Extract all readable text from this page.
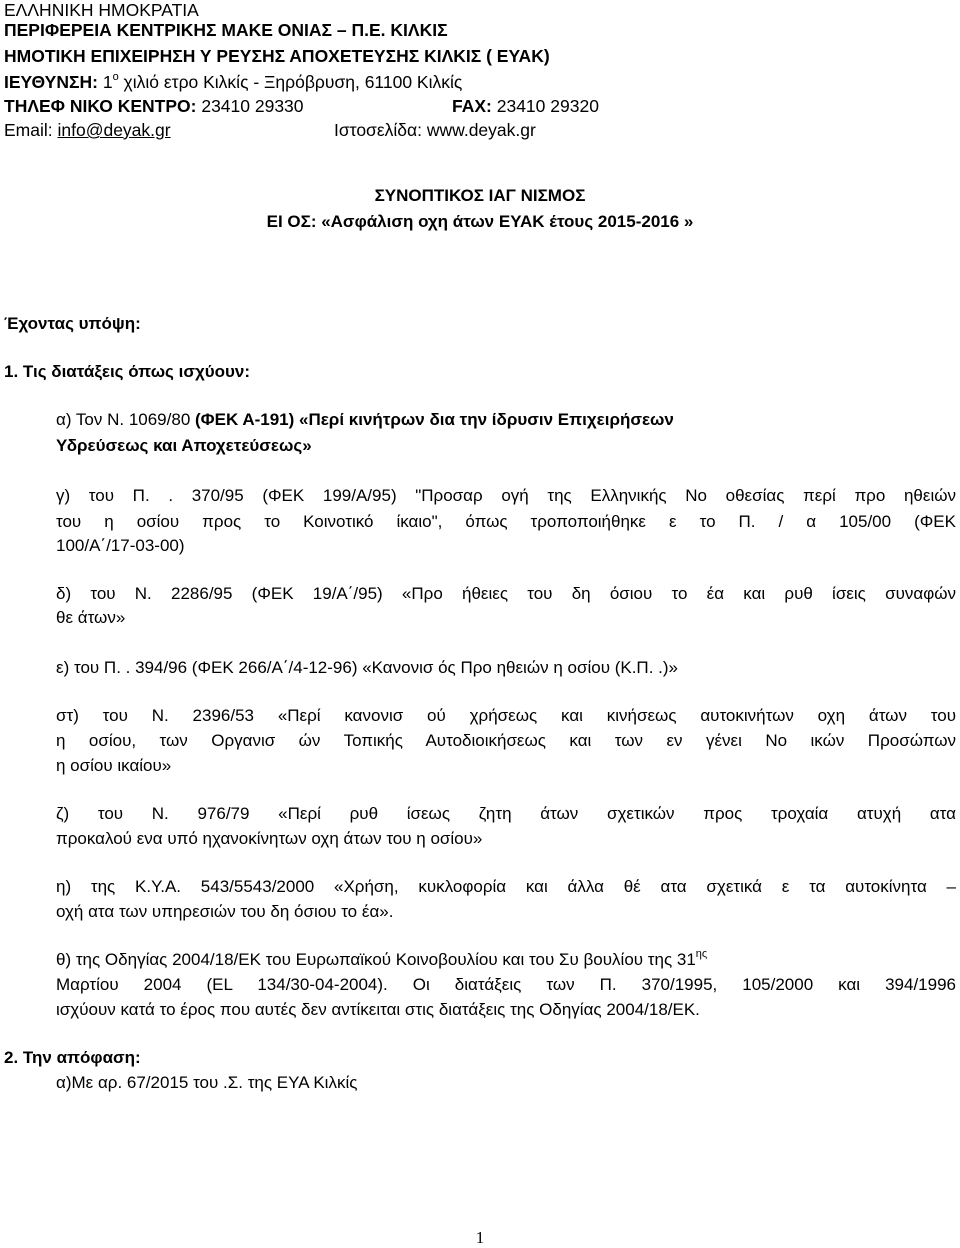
ΕΛΛΗΝΙΚΗ ΗΜΟΚΡΑΤΙΑ
ΠΕΡΙΦΕΡΕΙΑ ΚΕΝΤΡΙΚΗΣ ΜΑΚΕ ΟΝΙΑΣ – Π.Ε. ΚΙΛΚΙΣ
ΗΜΟΤΙΚΗ ΕΠΙΧΕΙΡΗΣΗ Υ ΡΕΥΣΗΣ ΑΠΟΧΕΤΕΥΣΗΣ ΚΙΛΚΙΣ ( ΕΥΑΚ)
ΙΕΥΘΥΝΣΗ: $1^o$ χιλιό ετρο Κιλκίς - Ξηρόβρυση, 61100 Κιλκίς
ΤΗΛΕΦ ΝΙΚΟ ΚΕΝΤΡΟ: 23410 29330	FAX: 23410 29320
Email: info@deyak.gr	Ιστοσελίδα: www.deyak.gr
ΣΥΝΟΠΤΙΚΟΣ ΙΑΓ ΝΙΣΜΟΣ
ΕΙ ΟΣ: «Ασφάλιση οχη άτων ΕΥΑΚ έτους 2015-2016 »
Έχοντας υπόψη:
1. Τις διατάξεις όπως ισχύουν:
α) Τον Ν. 1069/80 (ΦΕΚ Α-191) «Περί κινήτρων δια την ίδρυσιν Επιχειρήσεων
Υδρεύσεως και Αποχετεύσεως»
γ) του Π. . 370/95 (ΦΕΚ 199/Α/95) "Προσαρ ογή της Ελληνικής Νο οθεσίας περί προ ηθειών
του η οσίου προς το Κοινοτικό ίκαιο", όπως τροποποιήθηκε ε το Π. / α 105/00 (ΦΕΚ
100/Α΄/17-03-00)
δ) του Ν. 2286/95 (ΦΕΚ 19/Α΄/95) «Προ ήθειες του δη όσιου το έα και ρυθ ίσεις συναφών
θε άτων»
ε) του Π. . 394/96 (ΦΕΚ 266/Α΄/4-12-96) «Κανονισ ός Προ ηθειών η οσίου (Κ.Π. .)»
στ) του Ν. 2396/53 «Περί κανονισ ού χρήσεως και κινήσεως αυτοκινήτων οχη άτων του
η οσίου, των Οργανισ ών Τοπικής Αυτοδιοικήσεως και των εν γένει Νο ικών Προσώπων
η οσίου ικαίου»
ζ) του Ν. 976/79 «Περί ρυθ ίσεως ζητη άτων σχετικών προς τροχαία ατυχή ατα
προκαλού ενα υπό ηχανοκίνητων οχη άτων του η οσίου»
η) της Κ.Υ.Α. 543/5543/2000 «Χρήση, κυκλοφορία και άλλα θέ ατα σχετικά ε τα αυτοκίνητα –
οχή ατα των υπηρεσιών του δη όσιου το έα».
θ) της Οδηγίας 2004/18/ΕΚ του Ευρωπαϊκού Κοινοβουλίου και του Συ βουλίου της $31^{\eta\varsigma}$
Μαρτίου 2004 (EL 134/30-04-2004). Οι διατάξεις των Π. 370/1995, 105/2000 και 394/1996
ισχύουν κατά το έρος που αυτές δεν αντίκειται στις διατάξεις της Οδηγίας 2004/18/ΕΚ.
2. Την απόφαση:
α)Με αρ. 67/2015 του .Σ. της ΕΥΑ Κιλκίς
1
